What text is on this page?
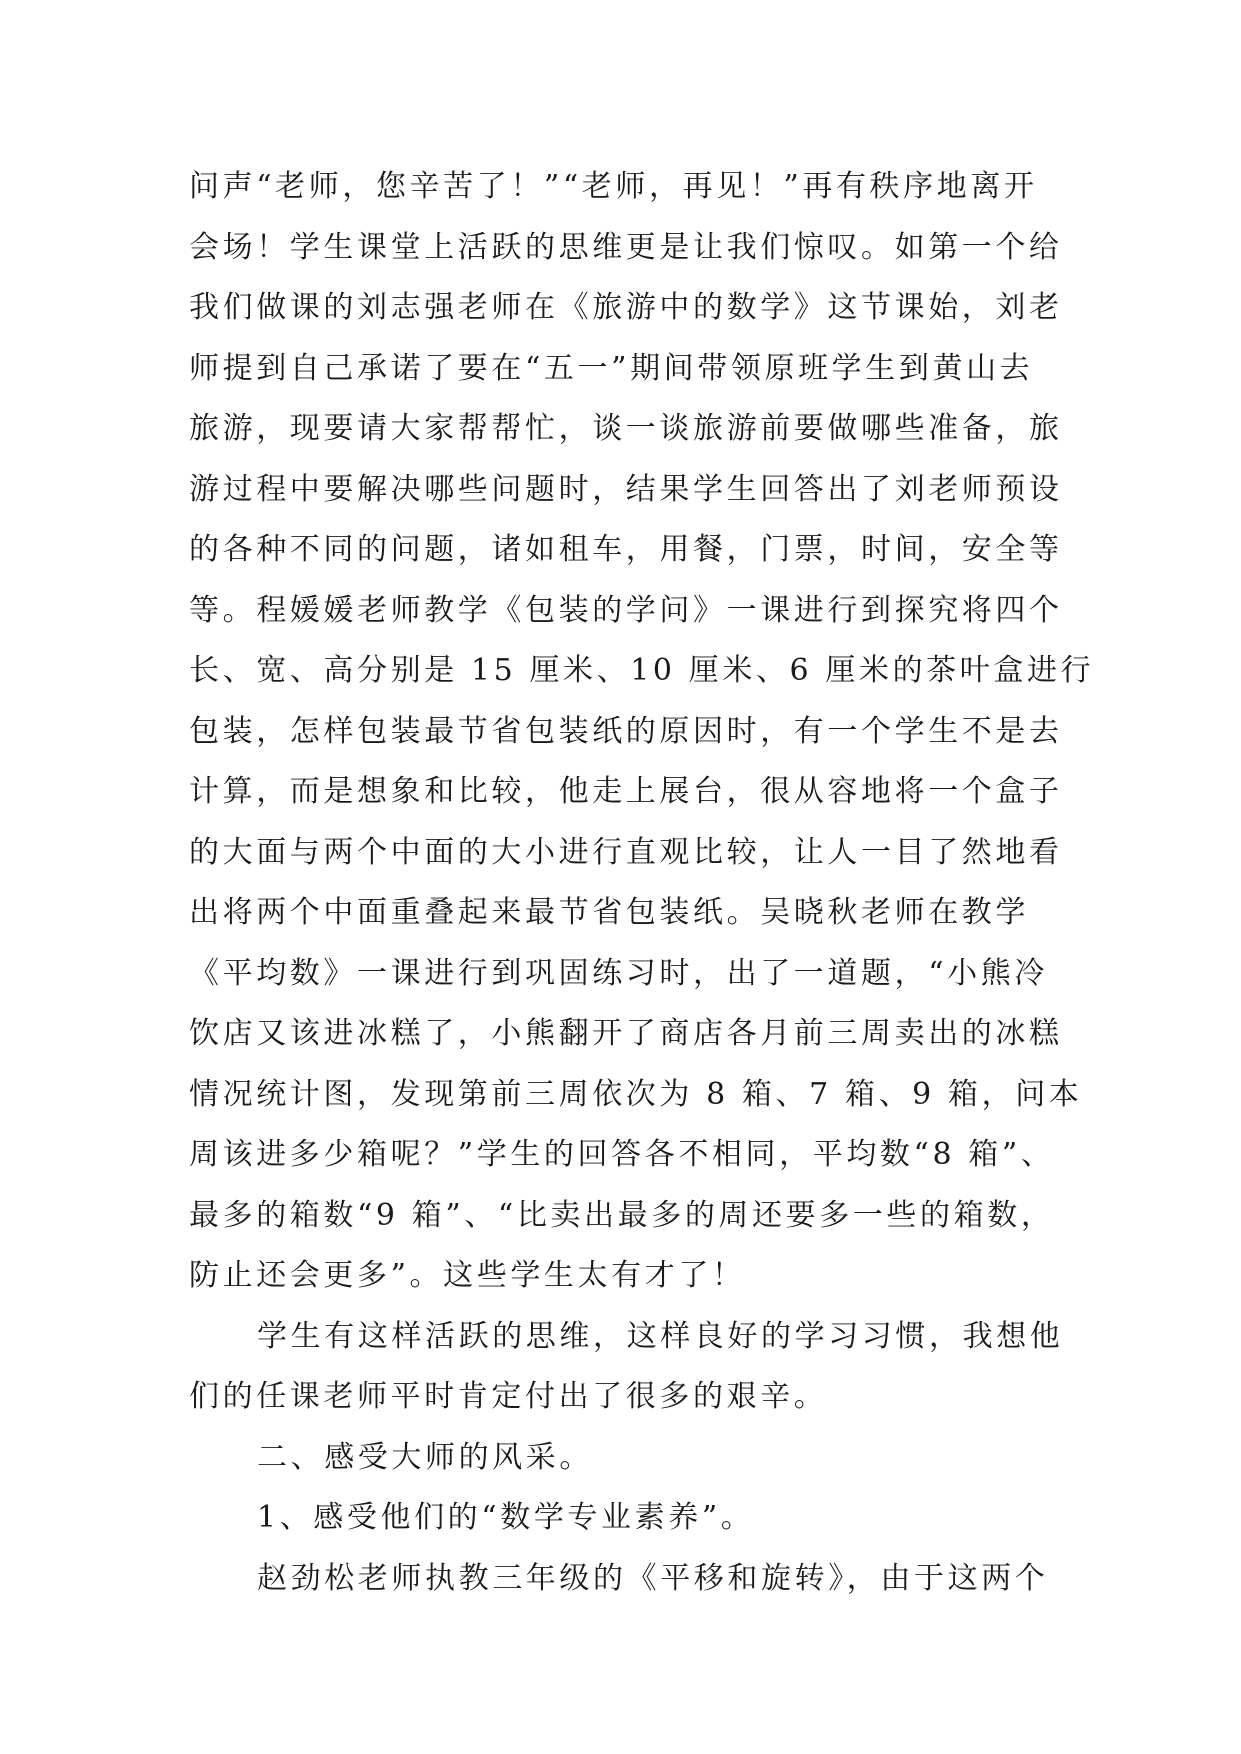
问声“老师，您辛苦了！”“老师，再见！”再有秩序地离开
会场！学生课堂上活跃的思维更是让我们惊叹。如第一个给
我们做课的刘志强老师在《旅游中的数学》这节课始，刘老
师提到自己承诺了要在“五一”期间带领原班学生到黄山去
旅游，现要请大家帮帮忙，谈一谈旅游前要做哪些准备，旅
游过程中要解决哪些问题时，结果学生回答出了刘老师预设
的各种不同的问题，诸如租车，用餐，门票，时间，安全等
等。程媛媛老师教学《包装的学问》一课进行到探究将四个
长、宽、高分别是 15 厘米、10 厘米、6 厘米的茶叶盒进行
包装，怎样包装最节省包装纸的原因时，有一个学生不是去
计算，而是想象和比较，他走上展台，很从容地将一个盒子
的大面与两个中面的大小进行直观比较，让人一目了然地看
出将两个中面重叠起来最节省包装纸。吴晓秋老师在教学
《平均数》一课进行到巩固练习时，出了一道题，“小熊冷
饮店又该进冰糕了，小熊翻开了商店各月前三周卖出的冰糕
情况统计图，发现第前三周依次为 8 箱、7 箱、9 箱，问本
周该进多少箱呢？”学生的回答各不相同，平均数“8 箱”、
最多的箱数“9 箱”、“比卖出最多的周还要多一些的箱数，
防止还会更多”。这些学生太有才了！
学生有这样活跃的思维，这样良好的学习习惯，我想他
们的任课老师平时肯定付出了很多的艰辛。
二、感受大师的风采。
1、感受他们的“数学专业素养”。
赵劲松老师执教三年级的《平移和旋转》，由于这两个
